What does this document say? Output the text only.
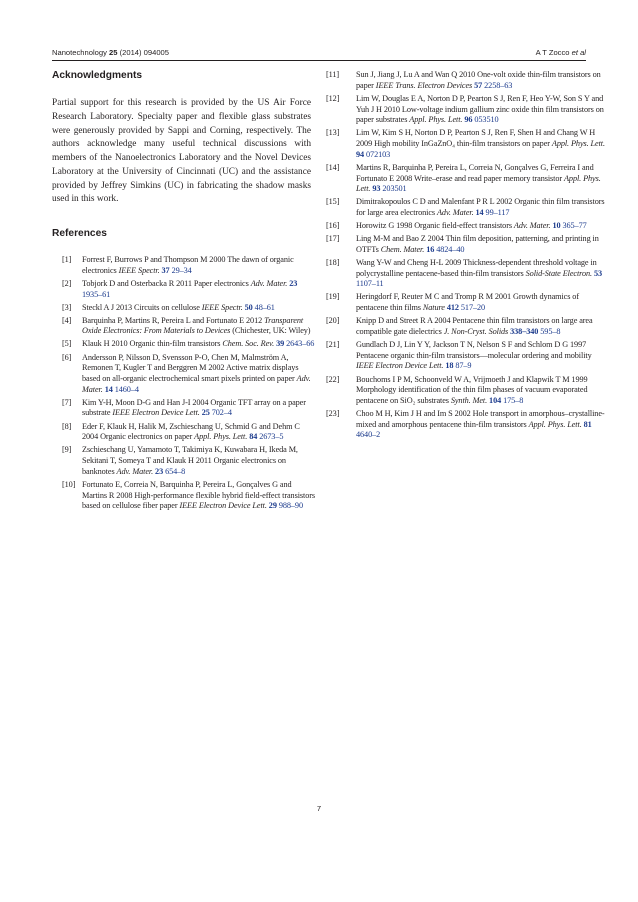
Nanotechnology 25 (2014) 094005	A T Zocco et al
Acknowledgments

Partial support for this research is provided by the US Air Force Research Laboratory. Specialty paper and flexible glass substrates were generously provided by Sappi and Corning, respectively. The authors acknowledge many useful technical discussions with members of the Nanoelectronics Laboratory and the Novel Devices Laboratory at the University of Cincinnati (UC) and the assistance provided by Jeffrey Simkins (UC) in fabricating the shadow masks used in this work.

References
[1] Forrest F, Burrows P and Thompson M 2000 The dawn of organic electronics IEEE Spectr. 37 29–34
[2] Tobjork D and Osterbacka R 2011 Paper electronics Adv. Mater. 23 1935–61
[3] Steckl A J 2013 Circuits on cellulose IEEE Spectr. 50 48–61
[4] Barquinha P, Martins R, Pereira L and Fortunato E 2012 Transparent Oxide Electronics: From Materials to Devices (Chichester, UK: Wiley)
[5] Klauk H 2010 Organic thin-film transistors Chem. Soc. Rev. 39 2643–66
[6] Andersson P, Nilsson D, Svensson P-O, Chen M, Malmström A, Remonen T, Kugler T and Berggren M 2002 Active matrix displays based on all-organic electrochemical smart pixels printed on paper Adv. Mater. 14 1460–4
[7] Kim Y-H, Moon D-G and Han J-I 2004 Organic TFT array on a paper substrate IEEE Electron Device Lett. 25 702–4
[8] Eder F, Klauk H, Halik M, Zschieschang U, Schmid G and Dehm C 2004 Organic electronics on paper Appl. Phys. Lett. 84 2673–5
[9] Zschieschang U, Yamamoto T, Takimiya K, Kuwabara H, Ikeda M, Sekitani T, Someya T and Klauk H 2011 Organic electronics on banknotes Adv. Mater. 23 654–8
[10] Fortunato E, Correia N, Barquinha P, Pereira L, Gonçalves G and Martins R 2008 High-performance flexible hybrid field-effect transistors based on cellulose fiber paper IEEE Electron Device Lett. 29 988–90
[11] Sun J, Jiang J, Lu A and Wan Q 2010 One-volt oxide thin-film transistors on paper IEEE Trans. Electron Devices 57 2258–63
[12] Lim W, Douglas E A, Norton D P, Pearton S J, Ren F, Heo Y-W, Son S Y and Yuh J H 2010 Low-voltage indium gallium zinc oxide thin film transistors on paper substrates Appl. Phys. Lett. 96 053510
[13] Lim W, Kim S H, Norton D P, Pearton S J, Ren F, Shen H and Chang W H 2009 High mobility InGaZnO₄ thin-film transistors on paper Appl. Phys. Lett. 94 072103
[14] Martins R, Barquinha P, Pereira L, Correia N, Gonçalves G, Ferreira I and Fortunato E 2008 Write–erase and read paper memory transistor Appl. Phys. Lett. 93 203501
[15] Dimitrakopoulos C D and Malenfant P R L 2002 Organic thin film transistors for large area electronics Adv. Mater. 14 99–117
[16] Horowitz G 1998 Organic field-effect transistors Adv. Mater. 10 365–77
[17] Ling M-M and Bao Z 2004 Thin film deposition, patterning, and printing in OTFTs Chem. Mater. 16 4824–40
[18] Wang Y-W and Cheng H-L 2009 Thickness-dependent threshold voltage in polycrystalline pentacene-based thin-film transistors Solid-State Electron. 53 1107–11
[19] Heringdorf F, Reuter M C and Tromp R M 2001 Growth dynamics of pentacene thin films Nature 412 517–20
[20] Knipp D and Street R A 2004 Pentacene thin film transistors on large area compatible gate dielectrics J. Non-Cryst. Solids 338–340 595–8
[21] Gundlach D J, Lin Y Y, Jackson T N, Nelson S F and Schlom D G 1997 Pentacene organic thin-film transistors—molecular ordering and mobility IEEE Electron Device Lett. 18 87–9
[22] Bouchoms I P M, Schoonveld W A, Vrijmoeth J and Klapwik T M 1999 Morphology identification of the thin film phases of vacuum evaporated pentacene on SiO₂ substrates Synth. Met. 104 175–8
[23] Choo M H, Kim J H and Im S 2002 Hole transport in amorphous–crystalline-mixed and amorphous pentacene thin-film transistors Appl. Phys. Lett. 81 4640–2
7
